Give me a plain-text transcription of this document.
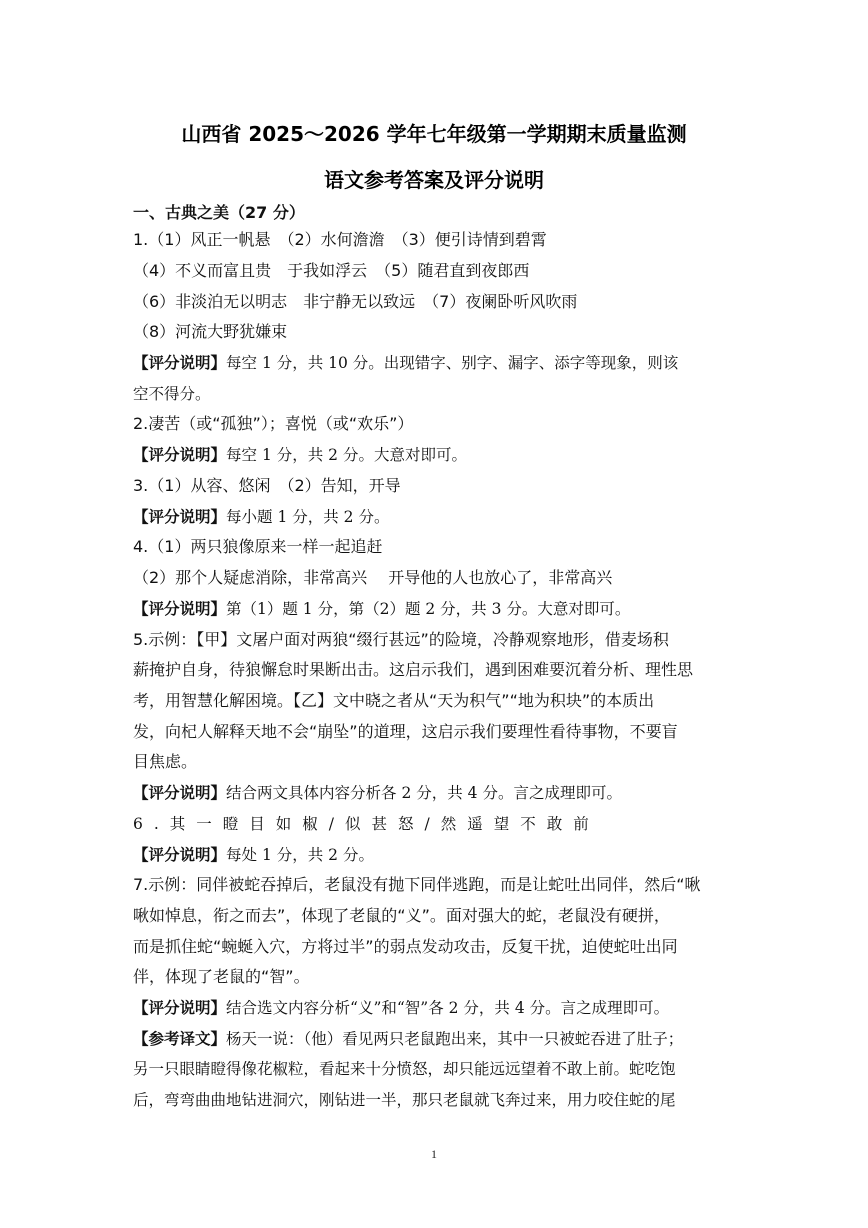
山西省 2025～2026 学年七年级第一学期期末质量监测
语文参考答案及评分说明
一、古典之美（27 分）
1.（1）风正一帆悬　（2）水何澹澹　（3）便引诗情到碧霄
（4）不义而富且贵　于我如浮云　（5）随君直到夜郎西
（6）非淡泊无以明志　非宁静无以致远　（7）夜阑卧听风吹雨
（8）河流大野犹嫌束
【评分说明】每空 1 分，共 10 分。出现错字、别字、漏字、添字等现象，则该
空不得分。
2.凄苦（或“孤独”）；喜悦（或“欢乐”）
【评分说明】每空 1 分，共 2 分。大意对即可。
3.（1）从容、悠闲　（2）告知，开导
【评分说明】每小题 1 分，共 2 分。
4.（1）两只狼像原来一样一起追赶
（2）那个人疑虑消除，非常高兴　 开导他的人也放心了，非常高兴
【评分说明】第（1）题 1 分，第（2）题 2 分，共 3 分。大意对即可。
5.示例：【甲】文屠户面对两狼“缀行甚远”的险境，冷静观察地形，借麦场积
薪掩护自身，待狼懈怠时果断出击。这启示我们，遇到困难要沉着分析、理性思
考，用智慧化解困境。【乙】文中晓之者从“天为积气”“地为积块”的本质出
发，向杞人解释天地不会“崩坠”的道理，这启示我们要理性看待事物，不要盲
目焦虑。
【评分说明】结合两文具体内容分析各 2 分，共 4 分。言之成理即可。
6.其一瞪目如椒/似甚怒/然遥望不敢前
【评分说明】每处 1 分，共 2 分。
7.示例：同伴被蛇吞掉后，老鼠没有抛下同伴逃跑，而是让蛇吐出同伴，然后“啾
啾如悼息，衔之而去”，体现了老鼠的“义”。面对强大的蛇，老鼠没有硬拼，
而是抓住蛇“蜿蜒入穴，方将过半”的弱点发动攻击，反复干扰，迫使蛇吐出同
伴，体现了老鼠的“智”。
【评分说明】结合选文内容分析“义”和“智”各 2 分，共 4 分。言之成理即可。
【参考译文】杨天一说：（他）看见两只老鼠跑出来，其中一只被蛇吞进了肚子；
另一只眼睛瞪得像花椒粒，看起来十分愤怒，却只能远远望着不敢上前。蛇吃饱
后，弯弯曲曲地钻进洞穴，刚钻进一半，那只老鼠就飞奔过来，用力咬住蛇的尾
1
